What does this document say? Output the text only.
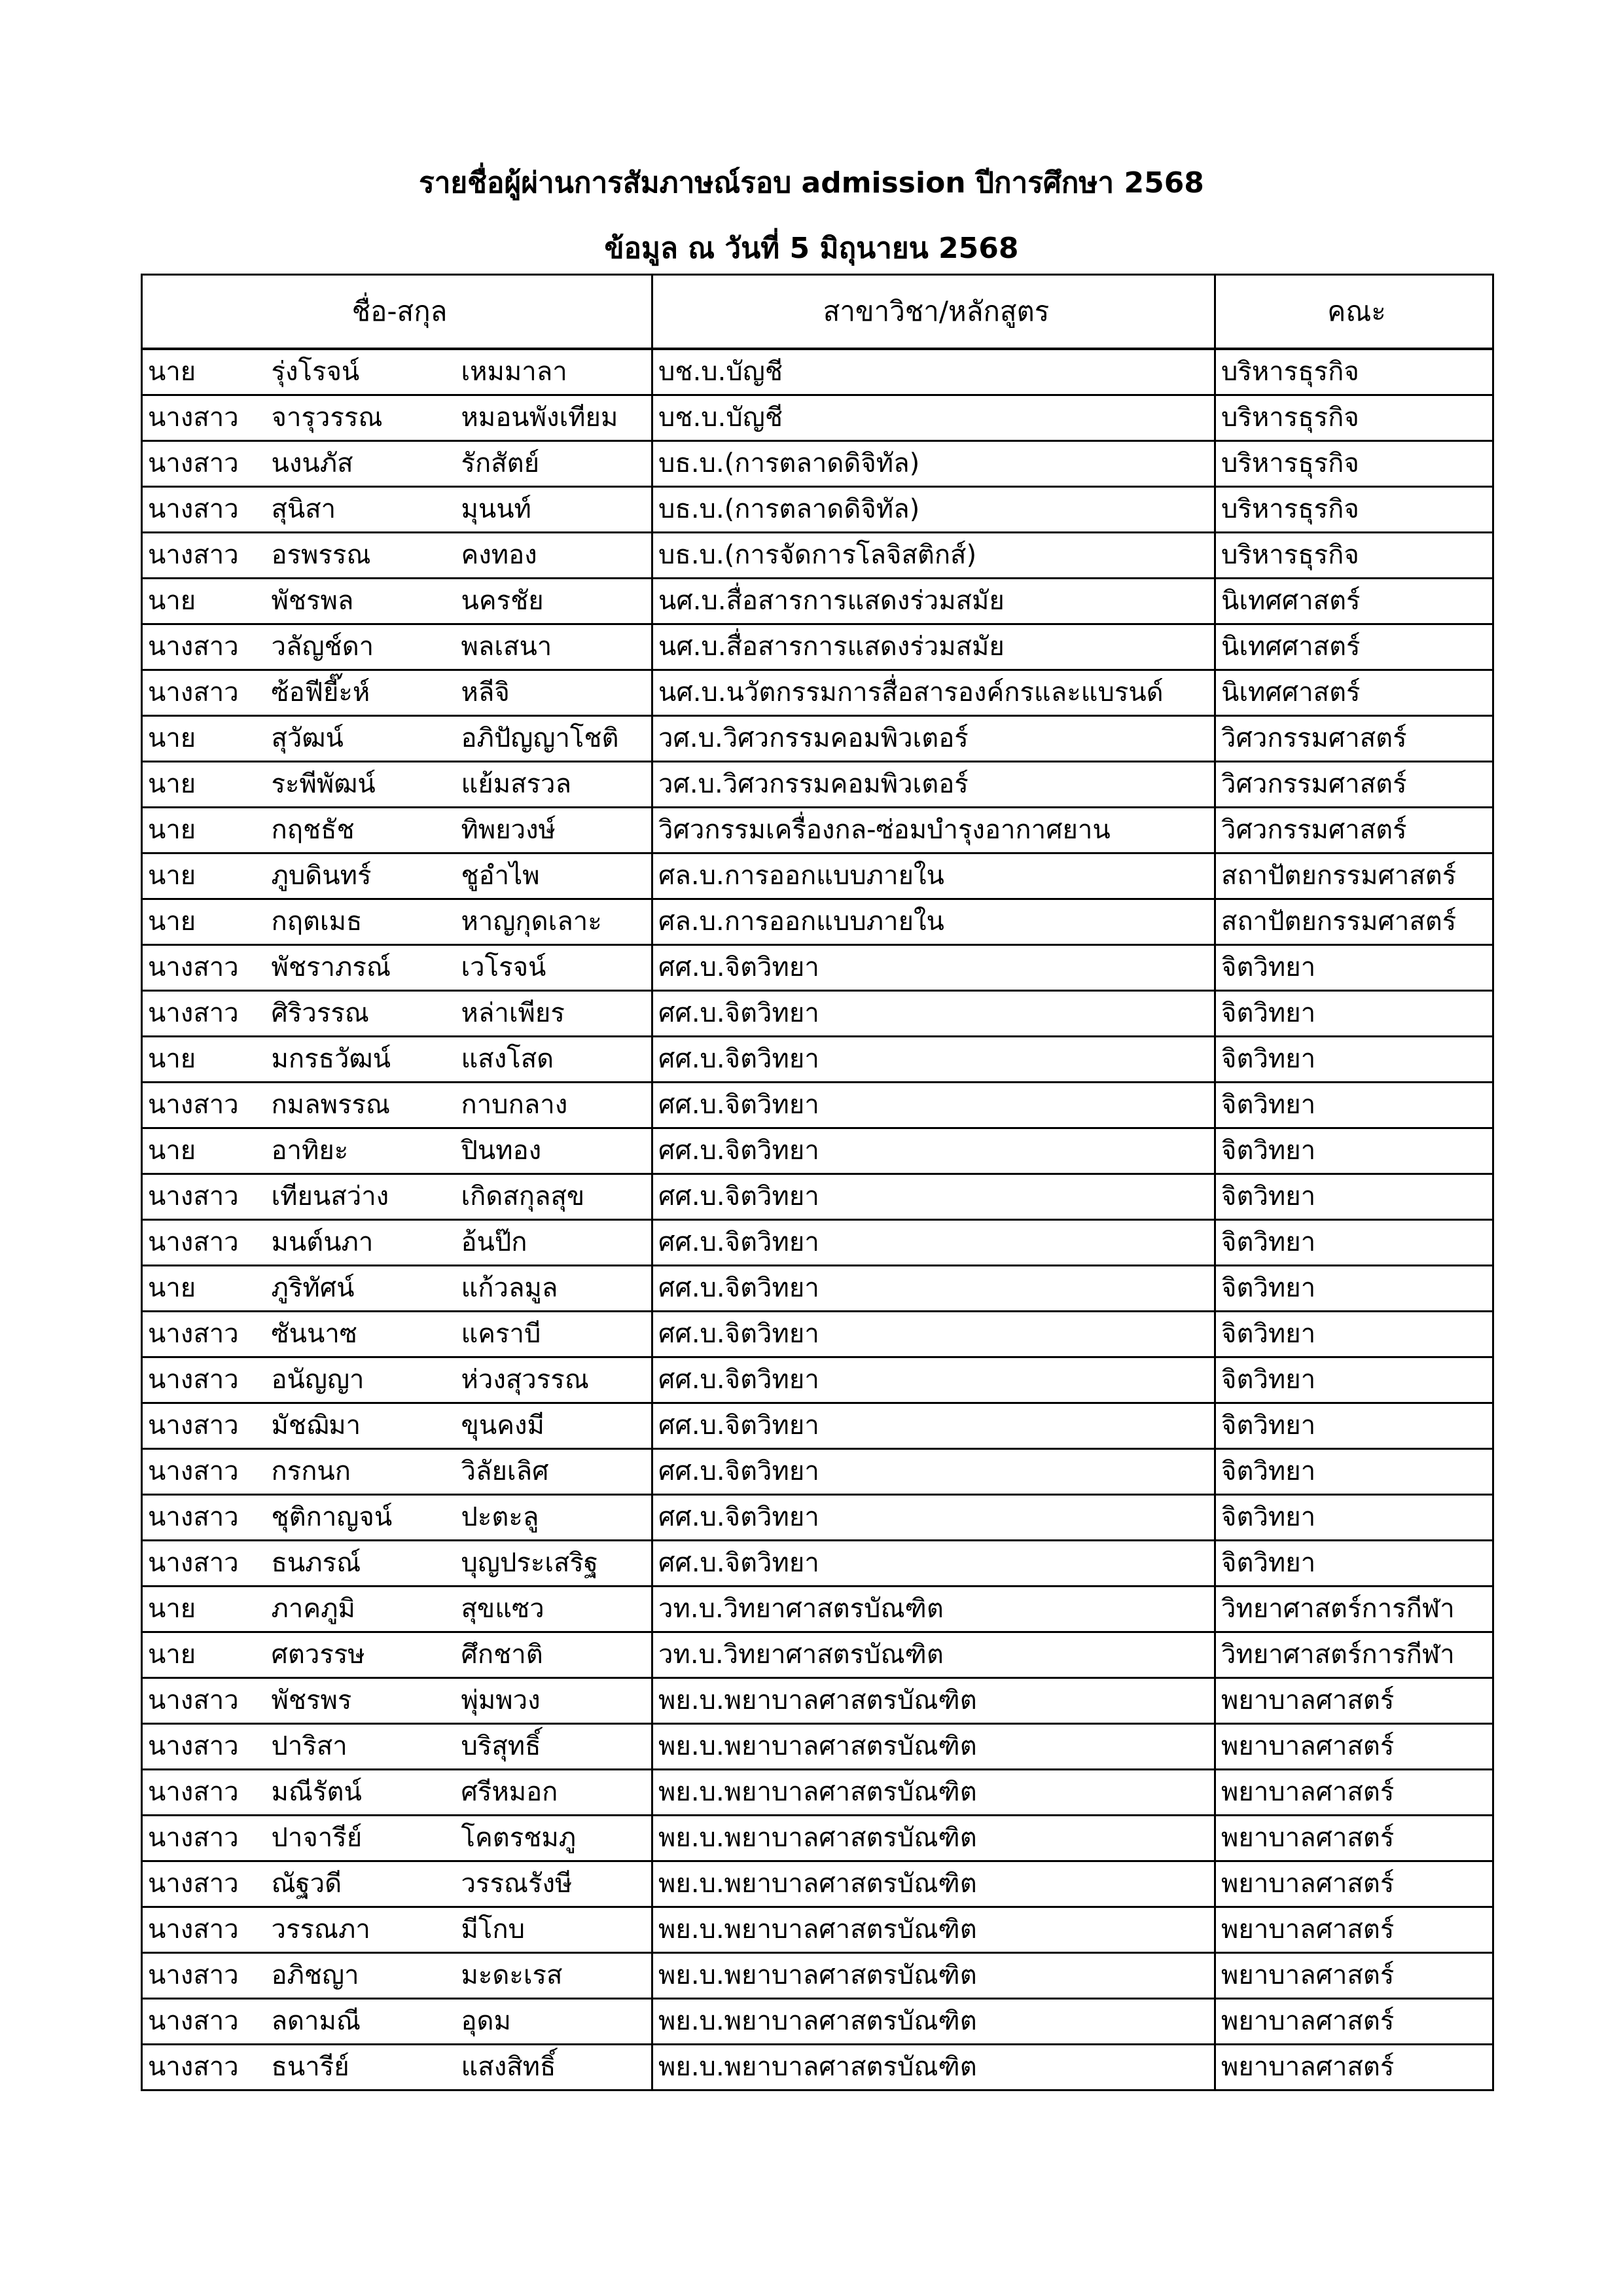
รายชื่อผู้ผ่านการสัมภาษณ์รอบ admission ปีการศึกษา 2568
ข้อมูล ณ วันที่ 5 มิถุนายน 2568
ชื่อ-สกุล			สาขาวิชา/หลักสูตร	คณะ
นาย	รุ่งโรจน์	เหมมาลา	บช.บ.บัญชี	บริหารธุรกิจ
นางสาว	จารุวรรณ	หมอนพังเทียม	บช.บ.บัญชี	บริหารธุรกิจ
นางสาว	นงนภัส	รักสัตย์	บธ.บ.(การตลาดดิจิทัล)	บริหารธุรกิจ
นางสาว	สุนิสา	มุนนท์	บธ.บ.(การตลาดดิจิทัล)	บริหารธุรกิจ
นางสาว	อรพรรณ	คงทอง	บธ.บ.(การจัดการโลจิสติกส์)	บริหารธุรกิจ
นาย	พัชรพล	นครชัย	นศ.บ.สื่อสารการแสดงร่วมสมัย	นิเทศศาสตร์
นางสาว	วลัญช์ดา	พลเสนา	นศ.บ.สื่อสารการแสดงร่วมสมัย	นิเทศศาสตร์
นางสาว	ซ้อฟียี๊ะห์	หลีจิ	นศ.บ.นวัตกรรมการสื่อสารองค์กรและแบรนด์	นิเทศศาสตร์
นาย	สุวัฒน์	อภิปัญญาโชติ	วศ.บ.วิศวกรรมคอมพิวเตอร์	วิศวกรรมศาสตร์
นาย	ระพีพัฒน์	แย้มสรวล	วศ.บ.วิศวกรรมคอมพิวเตอร์	วิศวกรรมศาสตร์
นาย	กฤชธัช	ทิพยวงษ์	วิศวกรรมเครื่องกล-ซ่อมบำรุงอากาศยาน	วิศวกรรมศาสตร์
นาย	ภูบดินทร์	ชูอำไพ	ศล.บ.การออกแบบภายใน	สถาปัตยกรรมศาสตร์
นาย	กฤตเมธ	หาญกุดเลาะ	ศล.บ.การออกแบบภายใน	สถาปัตยกรรมศาสตร์
นางสาว	พัชราภรณ์	เวโรจน์	ศศ.บ.จิตวิทยา	จิตวิทยา
นางสาว	ศิริวรรณ	หล่าเพียร	ศศ.บ.จิตวิทยา	จิตวิทยา
นาย	มกรธวัฒน์	แสงโสด	ศศ.บ.จิตวิทยา	จิตวิทยา
นางสาว	กมลพรรณ	กาบกลาง	ศศ.บ.จิตวิทยา	จิตวิทยา
นาย	อาทิยะ	ปินทอง	ศศ.บ.จิตวิทยา	จิตวิทยา
นางสาว	เทียนสว่าง	เกิดสกุลสุข	ศศ.บ.จิตวิทยา	จิตวิทยา
นางสาว	มนต์นภา	อ้นป๊ก	ศศ.บ.จิตวิทยา	จิตวิทยา
นาย	ภูริทัศน์	แก้วลมูล	ศศ.บ.จิตวิทยา	จิตวิทยา
นางสาว	ซันนาซ	แคราบี	ศศ.บ.จิตวิทยา	จิตวิทยา
นางสาว	อนัญญา	ห่วงสุวรรณ	ศศ.บ.จิตวิทยา	จิตวิทยา
นางสาว	มัชฌิมา	ขุนคงมี	ศศ.บ.จิตวิทยา	จิตวิทยา
นางสาว	กรกนก	วิลัยเลิศ	ศศ.บ.จิตวิทยา	จิตวิทยา
นางสาว	ชุติกาญจน์	ปะตะลู	ศศ.บ.จิตวิทยา	จิตวิทยา
นางสาว	ธนภรณ์	บุญประเสริฐ	ศศ.บ.จิตวิทยา	จิตวิทยา
นาย	ภาคภูมิ	สุขแซว	วท.บ.วิทยาศาสตรบัณฑิต	วิทยาศาสตร์การกีฬา
นาย	ศตวรรษ	ศึกชาติ	วท.บ.วิทยาศาสตรบัณฑิต	วิทยาศาสตร์การกีฬา
นางสาว	พัชรพร	พุ่มพวง	พย.บ.พยาบาลศาสตรบัณฑิต	พยาบาลศาสตร์
นางสาว	ปาริสา	บริสุทธิ์	พย.บ.พยาบาลศาสตรบัณฑิต	พยาบาลศาสตร์
นางสาว	มณีรัตน์	ศรีหมอก	พย.บ.พยาบาลศาสตรบัณฑิต	พยาบาลศาสตร์
นางสาว	ปาจารีย์	โคตรชมภู	พย.บ.พยาบาลศาสตรบัณฑิต	พยาบาลศาสตร์
นางสาว	ณัฐวดี	วรรณรังษี	พย.บ.พยาบาลศาสตรบัณฑิต	พยาบาลศาสตร์
นางสาว	วรรณภา	มีโกบ	พย.บ.พยาบาลศาสตรบัณฑิต	พยาบาลศาสตร์
นางสาว	อภิชญา	มะดะเรส	พย.บ.พยาบาลศาสตรบัณฑิต	พยาบาลศาสตร์
นางสาว	ลดามณี	อุดม	พย.บ.พยาบาลศาสตรบัณฑิต	พยาบาลศาสตร์
นางสาว	ธนารีย์	แสงสิทธิ์	พย.บ.พยาบาลศาสตรบัณฑิต	พยาบาลศาสตร์
